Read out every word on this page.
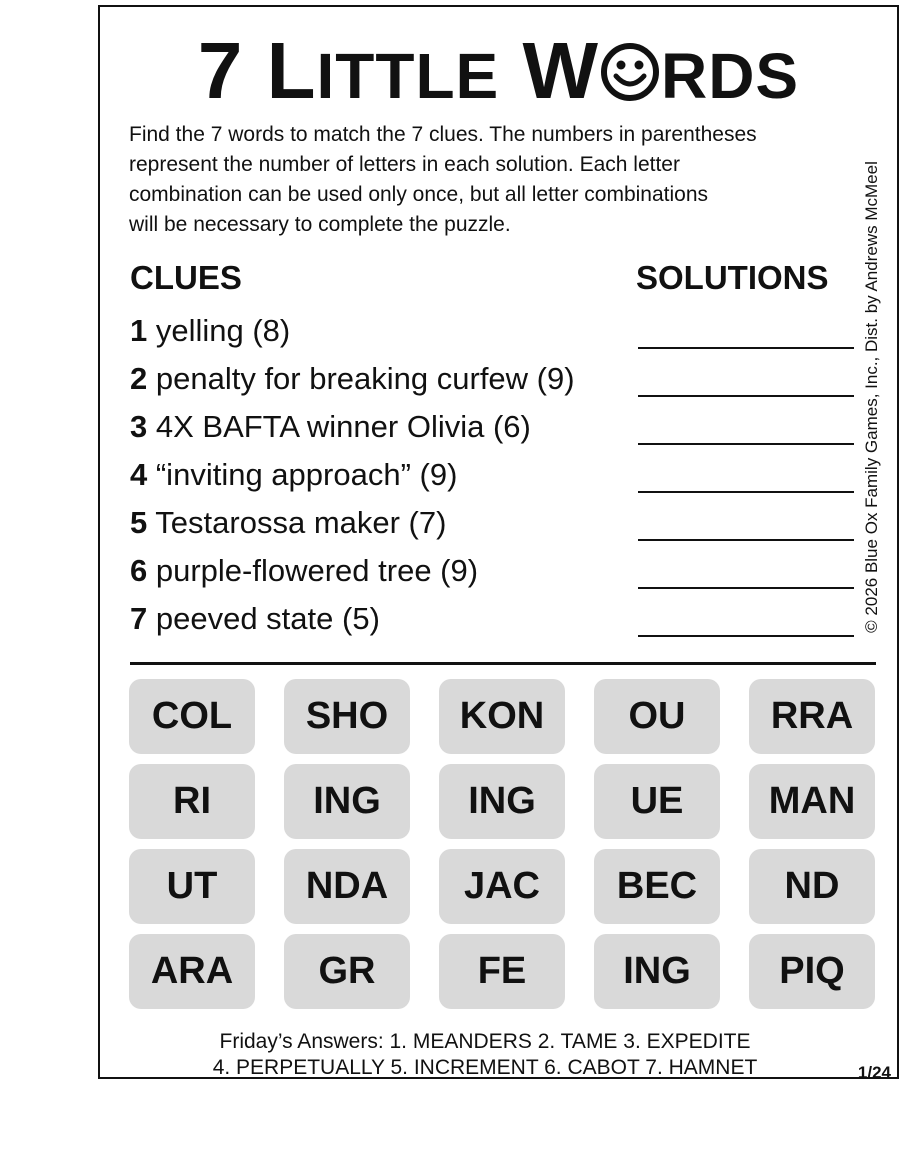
7 LITTLE W RDS

Find the 7 words to match the 7 clues. The numbers in parentheses

represent the number of letters in each solution. Each letter

combination can be used only once, but all letter combinations

will be necessary to complete the puzzle.	© 2026 Blue Ox Family Games, Inc., Dist. by Andrews McMeel
CLUES	SOLUTIONS
1 yelling (8)
2 penalty for breaking curfew (9)
3 4X BAFTA winner Olivia (6)
4 “inviting approach” (9)
5 Testarossa maker (7)
6 purple-flowered tree (9)
7 peeved state (5)
COL	SHO	KON	OU	RRA
RI	ING	ING	UE	MAN
UT	NDA	JAC	BEC	ND
ARA	GR	FE	ING	PIQ
Friday’s Answers: 1. MEANDERS 2. TAME 3. EXPEDITE
4. PERPETUALLY 5. INCREMENT 6. CABOT 7. HAMNET	1/24
